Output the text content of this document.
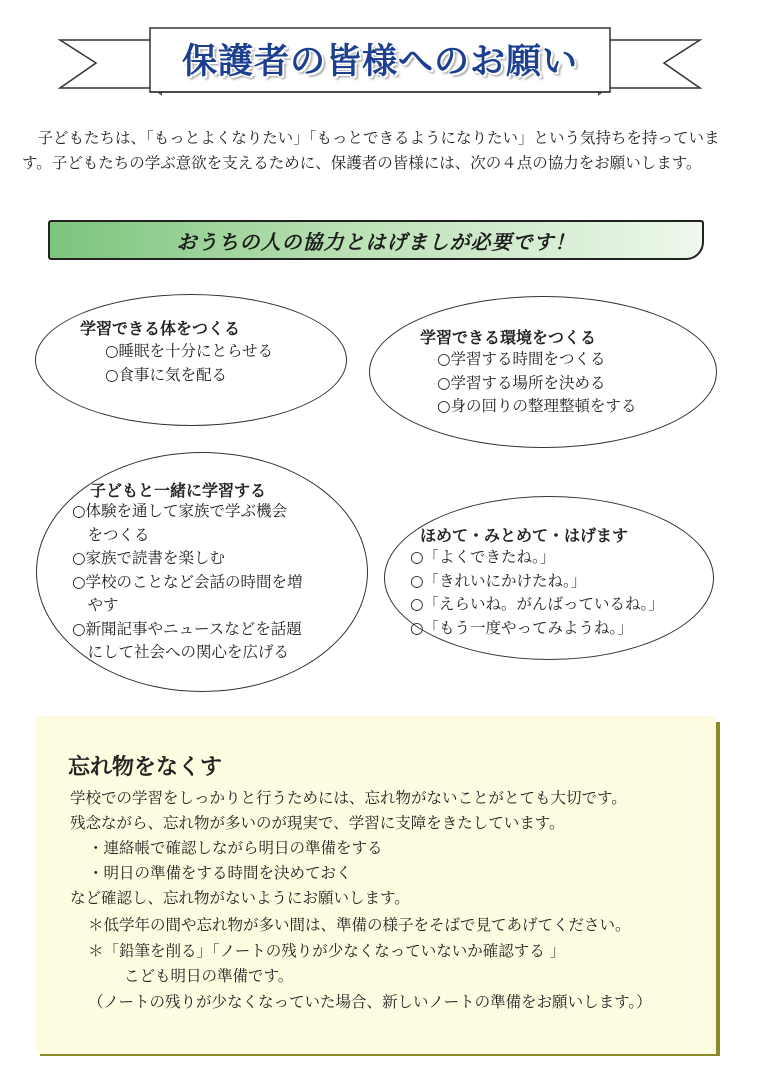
保護者の皆様へのお願い
子どもたちは、「もっとよくなりたい」「もっとできるようになりたい」という気持ちを持っています。子どもたちの学ぶ意欲を支えるために、保護者の皆様には、次の４点の協力をお願いします。
おうちの人の協力とはげましが必要です！
学習できる体をつくる
○睡眠を十分にとらせる
○食事に気を配る
学習できる環境をつくる
○学習する時間をつくる
○学習する場所を決める
○身の回りの整理整頓をする
子どもと一緒に学習する
○体験を通して家族で学ぶ機会
　をつくる
○家族で読書を楽しむ
○学校のことなど会話の時間を増
　やす
○新聞記事やニュースなどを話題
　にして社会への関心を広げる
ほめて・みとめて・はげます
○「よくできたね。」
○「きれいにかけたね。」
○「えらいね。がんばっているね。」
○「もう一度やってみようね。」
忘れ物をなくす
学校での学習をしっかりと行うためには、忘れ物がないことがとても大切です。
残念ながら、忘れ物が多いのが現実で、学習に支障をきたしています。
・連絡帳で確認しながら明日の準備をする
・明日の準備をする時間を決めておく
など確認し、忘れ物がないようにお願いします。
＊低学年の間や忘れ物が多い間は、準備の様子をそばで見てあげてください。
＊「鉛筆を削る」「ノートの残りが少なくなっていないか確認する 」
こども明日の準備です。
（ノートの残りが少なくなっていた場合、新しいノートの準備をお願いします。）
